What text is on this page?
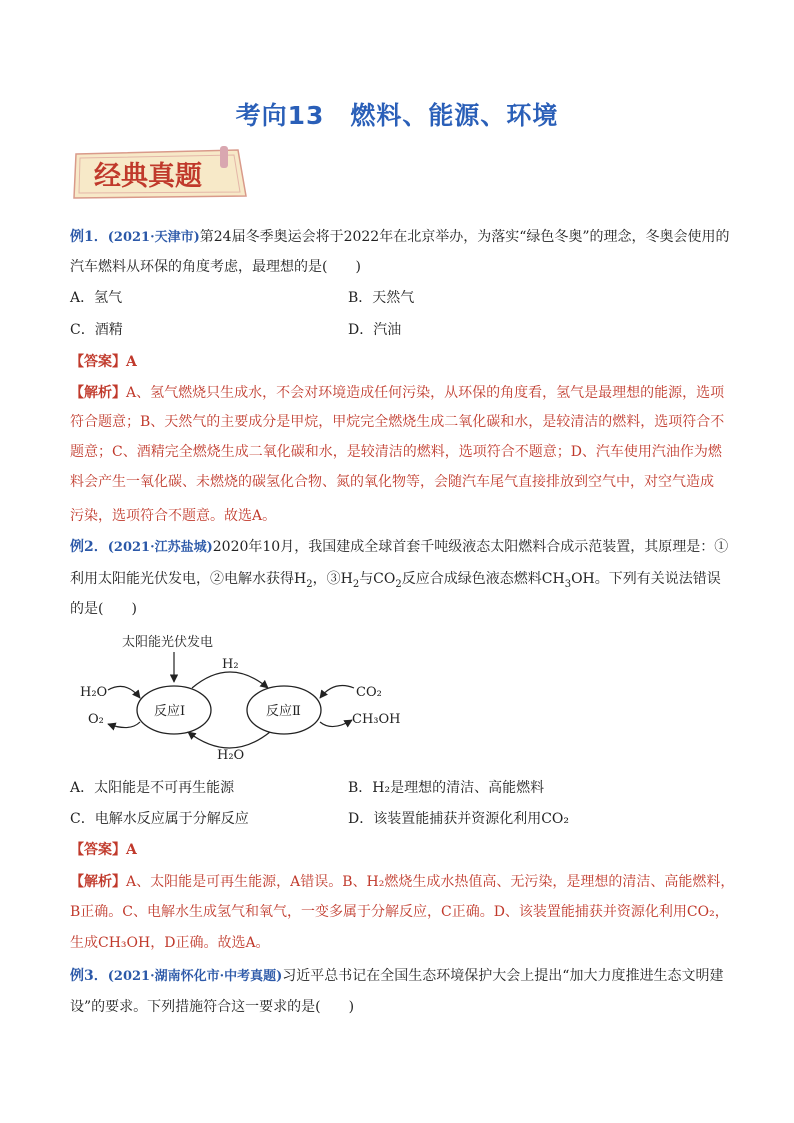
考向13 燃料、能源、环境
经典真题
例1．(2021·天津市)第24届冬季奥运会将于2022年在北京举办，为落实“绿色冬奥”的理念，冬奥会使用的
汽车燃料从环保的角度考虑，最理想的是(　　)
A．氢气	B．天然气
C．酒精	D．汽油
【答案】A
【解析】A、氢气燃烧只生成水，不会对环境造成任何污染，从环保的角度看，氢气是最理想的能源，选项
符合题意；B、天然气的主要成分是甲烷，甲烷完全燃烧生成二氧化碳和水，是较清洁的燃料，选项符合不
题意；C、酒精完全燃烧生成二氧化碳和水，是较清洁的燃料，选项符合不题意；D、汽车使用汽油作为燃
料会产生一氧化碳、未燃烧的碳氢化合物、氮的氧化物等，会随汽车尾气直接排放到空气中，对空气造成
污染，选项符合不题意。故选A。
例2．(2021·江苏盐城)2020年10月，我国建成全球首套千吨级液态太阳燃料合成示范装置，其原理是：①
利用太阳能光伏发电，②电解水获得$H_2$，$③H_2$与$CO_2$反应合成绿色液态燃料$CH_3OH$。下列有关说法错误
的是(　　)
太阳能光伏发电
反应Ⅰ	反应Ⅱ
H₂
H₂O
H₂O
O₂
CO₂
CH₃OH
A．太阳能是不可再生能源	B．H₂是理想的清洁、高能燃料
C．电解水反应属于分解反应	D．该装置能捕获并资源化利用CO₂
【答案】A
【解析】A、太阳能是可再生能源，A错误。B、H₂燃烧生成水热值高、无污染，是理想的清洁、高能燃料，
B正确。C、电解水生成氢气和氧气，一变多属于分解反应，C正确。D、该装置能捕获并资源化利用CO₂，
生成CH₃OH，D正确。故选A。
例3．(2021·湖南怀化市·中考真题)习近平总书记在全国生态环境保护大会上提出“加大力度推进生态文明建
设”的要求。下列措施符合这一要求的是(　　)
